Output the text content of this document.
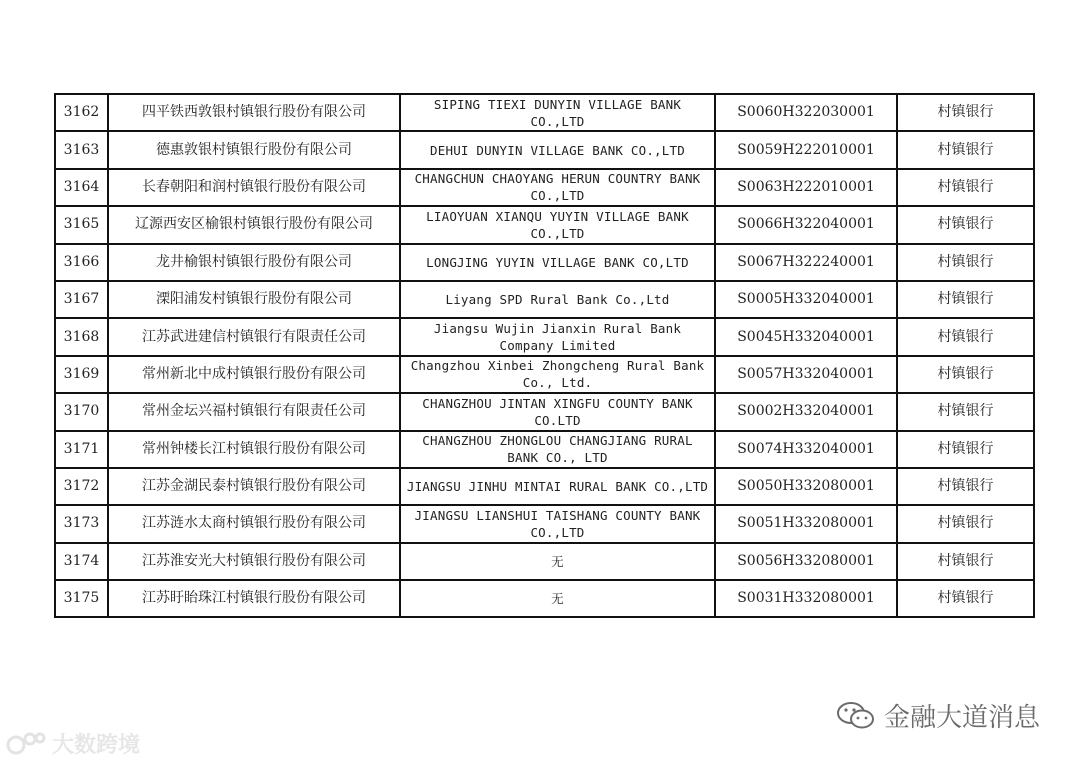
3162	四平铁西敦银村镇银行股份有限公司	SIPING TIEXI DUNYIN VILLAGE BANK CO.,LTD	S0060H322030001	村镇银行
3163	德惠敦银村镇银行股份有限公司	DEHUI DUNYIN VILLAGE BANK CO.,LTD	S0059H222010001	村镇银行
3164	长春朝阳和润村镇银行股份有限公司	CHANGCHUN CHAOYANG HERUN COUNTRY BANK CO.,LTD	S0063H222010001	村镇银行
3165	辽源西安区榆银村镇银行股份有限公司	LIAOYUAN XIANQU YUYIN VILLAGE BANK CO.,LTD	S0066H322040001	村镇银行
3166	龙井榆银村镇银行股份有限公司	LONGJING YUYIN VILLAGE BANK CO,LTD	S0067H322240001	村镇银行
3167	溧阳浦发村镇银行股份有限公司	Liyang SPD Rural Bank Co.,Ltd	S0005H332040001	村镇银行
3168	江苏武进建信村镇银行有限责任公司	Jiangsu Wujin Jianxin Rural Bank Company Limited	S0045H332040001	村镇银行
3169	常州新北中成村镇银行股份有限公司	Changzhou Xinbei Zhongcheng Rural Bank Co., Ltd.	S0057H332040001	村镇银行
3170	常州金坛兴福村镇银行有限责任公司	CHANGZHOU JINTAN XINGFU COUNTY BANK CO.LTD	S0002H332040001	村镇银行
3171	常州钟楼长江村镇银行股份有限公司	CHANGZHOU ZHONGLOU CHANGJIANG RURAL BANK CO., LTD	S0074H332040001	村镇银行
3172	江苏金湖民泰村镇银行股份有限公司	JIANGSU JINHU MINTAI RURAL BANK CO.,LTD	S0050H332080001	村镇银行
3173	江苏涟水太商村镇银行股份有限公司	JIANGSU LIANSHUI TAISHANG COUNTY BANK CO.,LTD	S0051H332080001	村镇银行
3174	江苏淮安光大村镇银行股份有限公司	无	S0056H332080001	村镇银行
3175	江苏盱眙珠江村镇银行股份有限公司	无	S0031H332080001	村镇银行
大数跨境
金融大道消息
